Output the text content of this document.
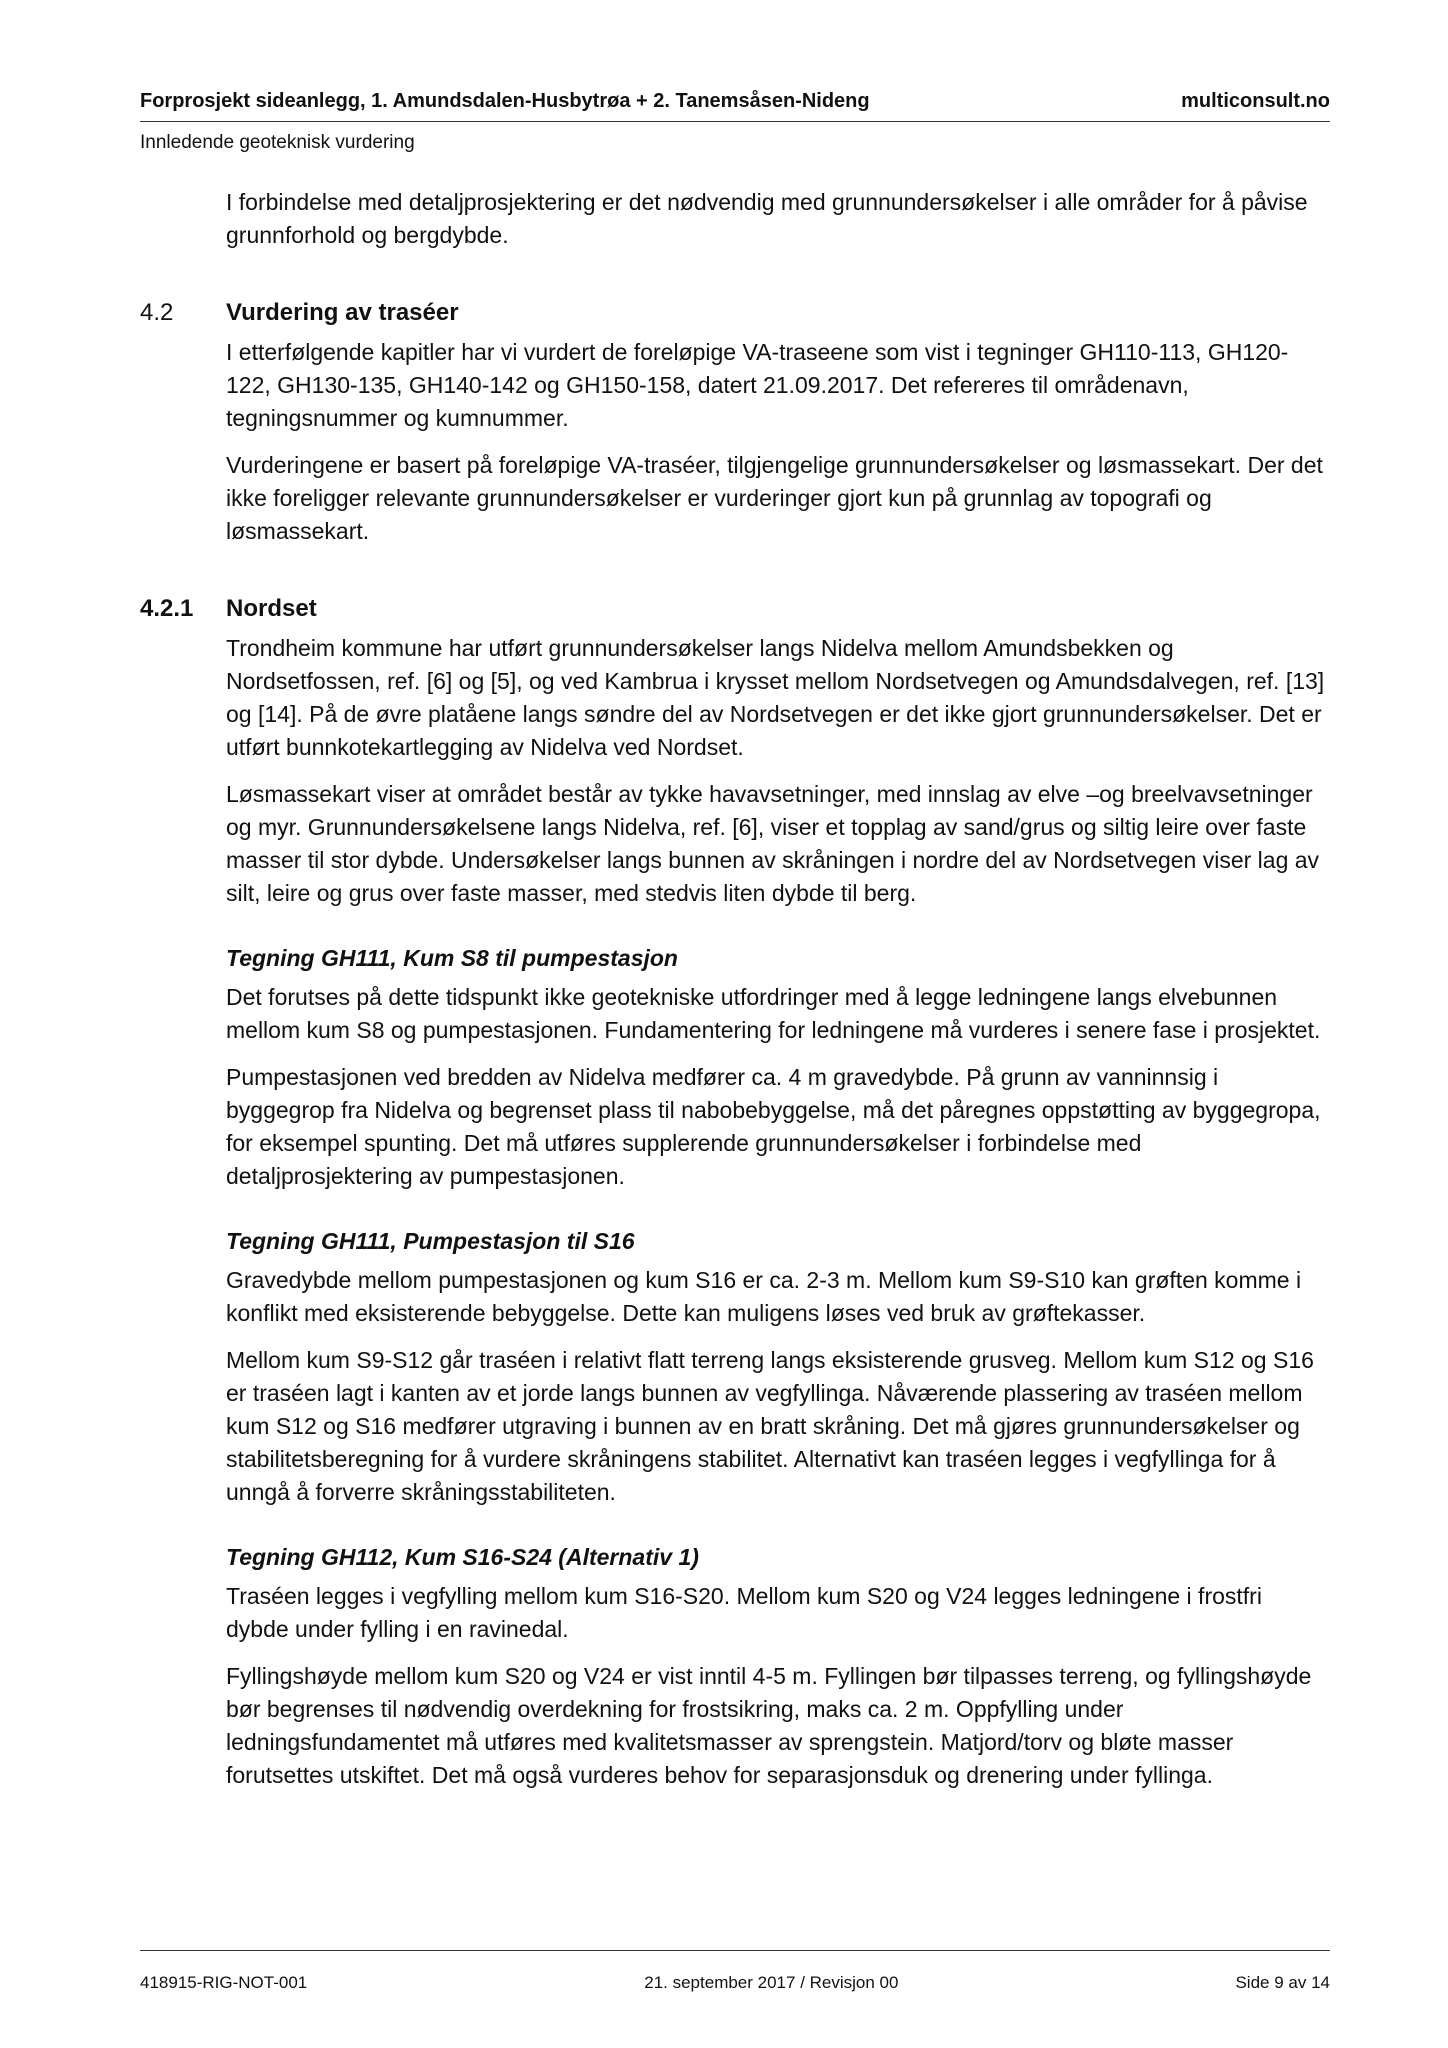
Forprosjekt sideanlegg, 1. Amundsdalen-Husbytrøa + 2. Tanemsåsen-Nideng	multiconsult.no
Innledende geoteknisk vurdering

I forbindelse med detaljprosjektering er det nødvendig med grunnundersøkelser i alle områder for å påvise grunnforhold og bergdybde.

4.2 Vurdering av traséer

I etterfølgende kapitler har vi vurdert de foreløpige VA-traseene som vist i tegninger GH110-113, GH120-122, GH130-135, GH140-142 og GH150-158, datert 21.09.2017. Det refereres til områdenavn, tegningsnummer og kumnummer.

Vurderingene er basert på foreløpige VA-traséer, tilgjengelige grunnundersøkelser og løsmassekart. Der det ikke foreligger relevante grunnundersøkelser er vurderinger gjort kun på grunnlag av topografi og løsmassekart.

4.2.1 Nordset

Trondheim kommune har utført grunnundersøkelser langs Nidelva mellom Amundsbekken og Nordsetfossen, ref. [6] og [5], og ved Kambrua i krysset mellom Nordsetvegen og Amundsdalvegen, ref. [13] og [14]. På de øvre platåene langs søndre del av Nordsetvegen er det ikke gjort grunnundersøkelser. Det er utført bunnkotekartlegging av Nidelva ved Nordset.

Løsmassekart viser at området består av tykke havavsetninger, med innslag av elve –og breelvavsetninger og myr. Grunnundersøkelsene langs Nidelva, ref. [6], viser et topplag av sand/grus og siltig leire over faste masser til stor dybde. Undersøkelser langs bunnen av skråningen i nordre del av Nordsetvegen viser lag av silt, leire og grus over faste masser, med stedvis liten dybde til berg.

Tegning GH111, Kum S8 til pumpestasjon

Det forutses på dette tidspunkt ikke geotekniske utfordringer med å legge ledningene langs elvebunnen mellom kum S8 og pumpestasjonen. Fundamentering for ledningene må vurderes i senere fase i prosjektet.

Pumpestasjonen ved bredden av Nidelva medfører ca. 4 m gravedybde. På grunn av vanninnsig i byggegrop fra Nidelva og begrenset plass til nabobebyggelse, må det påregnes oppstøtting av byggegropa, for eksempel spunting. Det må utføres supplerende grunnundersøkelser i forbindelse med detaljprosjektering av pumpestasjonen.

Tegning GH111, Pumpestasjon til S16

Gravedybde mellom pumpestasjonen og kum S16 er ca. 2-3 m. Mellom kum S9-S10 kan grøften komme i konflikt med eksisterende bebyggelse. Dette kan muligens løses ved bruk av grøftekasser.

Mellom kum S9-S12 går traséen i relativt flatt terreng langs eksisterende grusveg. Mellom kum S12 og S16 er traséen lagt i kanten av et jorde langs bunnen av vegfyllinga. Nåværende plassering av traséen mellom kum S12 og S16 medfører utgraving i bunnen av en bratt skråning. Det må gjøres grunnundersøkelser og stabilitetsberegning for å vurdere skråningens stabilitet. Alternativt kan traséen legges i vegfyllinga for å unngå å forverre skråningsstabiliteten.

Tegning GH112, Kum S16-S24 (Alternativ 1)

Traséen legges i vegfylling mellom kum S16-S20. Mellom kum S20 og V24 legges ledningene i frostfri dybde under fylling i en ravinedal.

Fyllingshøyde mellom kum S20 og V24 er vist inntil 4-5 m. Fyllingen bør tilpasses terreng, og fyllingshøyde bør begrenses til nødvendig overdekning for frostsikring, maks ca. 2 m. Oppfylling under ledningsfundamentet må utføres med kvalitetsmasser av sprengstein. Matjord/torv og bløte masser forutsettes utskiftet. Det må også vurderes behov for separasjonsduk og drenering under fyllinga.

418915-RIG-NOT-001	21. september 2017 / Revisjon 00	Side 9 av 14
